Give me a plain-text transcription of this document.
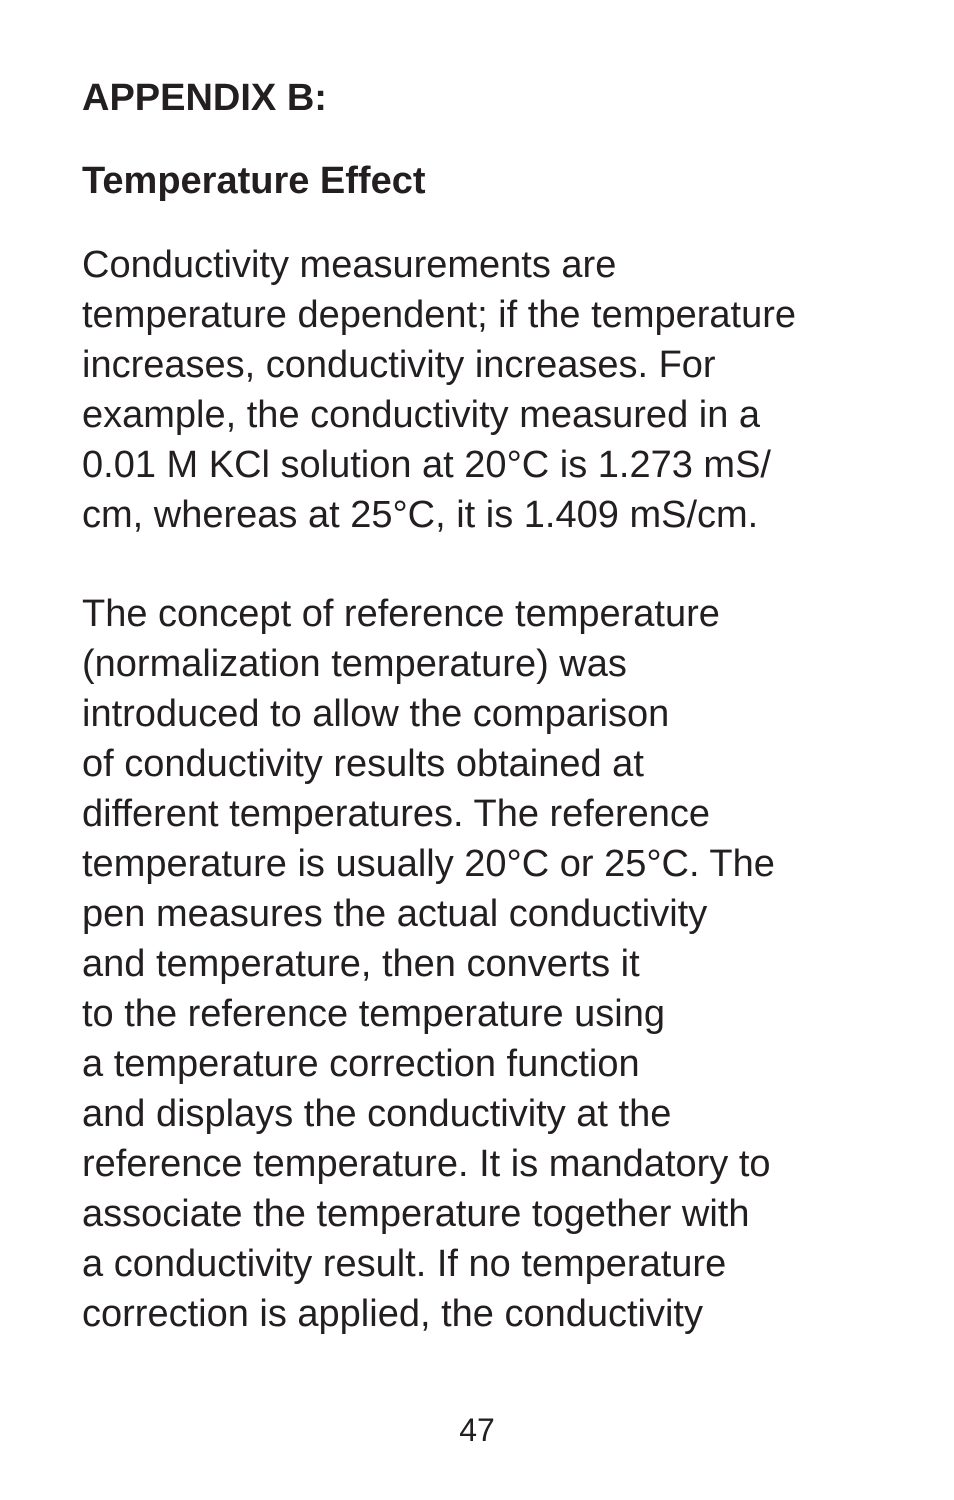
APPENDIX B:
Temperature Effect

Conductivity measurements are
temperature dependent; if the temperature
increases, conductivity increases. For
example, the conductivity measured in a
0.01 M KCl solution at 20°C is 1.273 mS/
cm, whereas at 25°C, it is 1.409 mS/cm.

The concept of reference temperature
(normalization temperature) was
introduced to allow the comparison
of conductivity results obtained at
different temperatures. The reference
temperature is usually 20°C or 25°C. The
pen measures the actual conductivity
and temperature, then converts it
to the reference temperature using
a temperature correction function
and displays the conductivity at the
reference temperature. It is mandatory to
associate the temperature together with
a conductivity result. If no temperature
correction is applied, the conductivity

47
